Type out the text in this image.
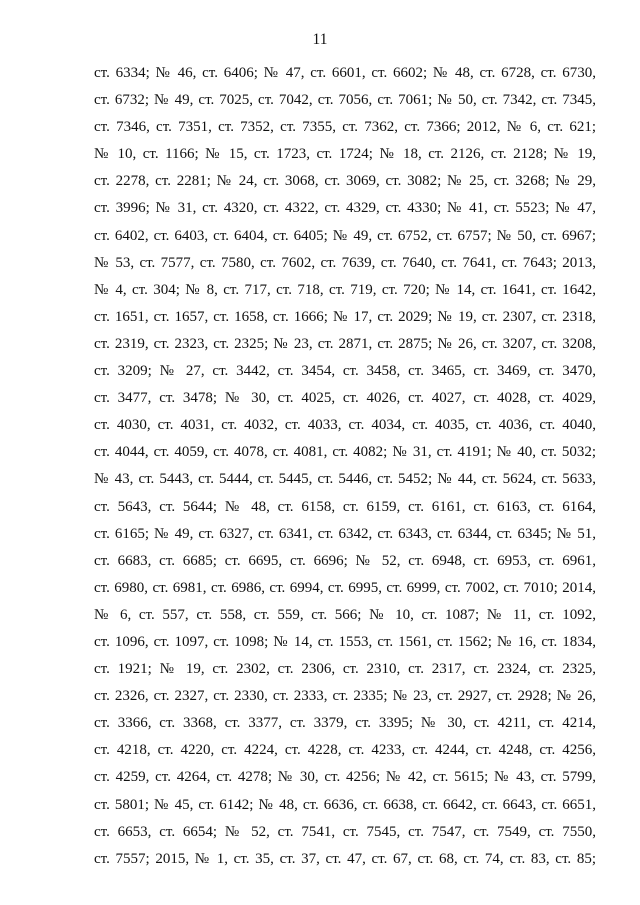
11
ст. 6334; № 46, ст. 6406; № 47, ст. 6601, ст. 6602; № 48, ст. 6728, ст. 6730,
ст. 6732; № 49, ст. 7025, ст. 7042, ст. 7056, ст. 7061; № 50, ст. 7342, ст. 7345,
ст. 7346, ст. 7351, ст. 7352, ст. 7355, ст. 7362, ст. 7366; 2012, № 6, ст. 621;
№ 10, ст. 1166; № 15, ст. 1723, ст. 1724; № 18, ст. 2126, ст. 2128; № 19,
ст. 2278, ст. 2281; № 24, ст. 3068, ст. 3069, ст. 3082; № 25, ст. 3268; № 29,
ст. 3996; № 31, ст. 4320, ст. 4322, ст. 4329, ст. 4330; № 41, ст. 5523; № 47,
ст. 6402, ст. 6403, ст. 6404, ст. 6405; № 49, ст. 6752, ст. 6757; № 50, ст. 6967;
№ 53, ст. 7577, ст. 7580, ст. 7602, ст. 7639, ст. 7640, ст. 7641, ст. 7643; 2013,
№ 4, ст. 304; № 8, ст. 717, ст. 718, ст. 719, ст. 720; № 14, ст. 1641, ст. 1642,
ст. 1651, ст. 1657, ст. 1658, ст. 1666; № 17, ст. 2029; № 19, ст. 2307, ст. 2318,
ст. 2319, ст. 2323, ст. 2325; № 23, ст. 2871, ст. 2875; № 26, ст. 3207, ст. 3208,
ст. 3209; № 27, ст. 3442, ст. 3454, ст. 3458, ст. 3465, ст. 3469, ст. 3470,
ст. 3477, ст. 3478; № 30, ст. 4025, ст. 4026, ст. 4027, ст. 4028, ст. 4029,
ст. 4030, ст. 4031, ст. 4032, ст. 4033, ст. 4034, ст. 4035, ст. 4036, ст. 4040,
ст. 4044, ст. 4059, ст. 4078, ст. 4081, ст. 4082; № 31, ст. 4191; № 40, ст. 5032;
№ 43, ст. 5443, ст. 5444, ст. 5445, ст. 5446, ст. 5452; № 44, ст. 5624, ст. 5633,
ст. 5643, ст. 5644; № 48, ст. 6158, ст. 6159, ст. 6161, ст. 6163, ст. 6164,
ст. 6165; № 49, ст. 6327, ст. 6341, ст. 6342, ст. 6343, ст. 6344, ст. 6345; № 51,
ст. 6683, ст. 6685; ст. 6695, ст. 6696; № 52, ст. 6948, ст. 6953, ст. 6961,
ст. 6980, ст. 6981, ст. 6986, ст. 6994, ст. 6995, ст. 6999, ст. 7002, ст. 7010; 2014,
№ 6, ст. 557, ст. 558, ст. 559, ст. 566; № 10, ст. 1087; № 11, ст. 1092,
ст. 1096, ст. 1097, ст. 1098; № 14, ст. 1553, ст. 1561, ст. 1562; № 16, ст. 1834,
ст. 1921; № 19, ст. 2302, ст. 2306, ст. 2310, ст. 2317, ст. 2324, ст. 2325,
ст. 2326, ст. 2327, ст. 2330, ст. 2333, ст. 2335; № 23, ст. 2927, ст. 2928; № 26,
ст. 3366, ст. 3368, ст. 3377, ст. 3379, ст. 3395; № 30, ст. 4211, ст. 4214,
ст. 4218, ст. 4220, ст. 4224, ст. 4228, ст. 4233, ст. 4244, ст. 4248, ст. 4256,
ст. 4259, ст. 4264, ст. 4278; № 30, ст. 4256; № 42, ст. 5615; № 43, ст. 5799,
ст. 5801; № 45, ст. 6142; № 48, ст. 6636, ст. 6638, ст. 6642, ст. 6643, ст. 6651,
ст. 6653, ст. 6654; № 52, ст. 7541, ст. 7545, ст. 7547, ст. 7549, ст. 7550,
ст. 7557; 2015, № 1, ст. 35, ст. 37, ст. 47, ст. 67, ст. 68, ст. 74, ст. 83, ст. 85;
